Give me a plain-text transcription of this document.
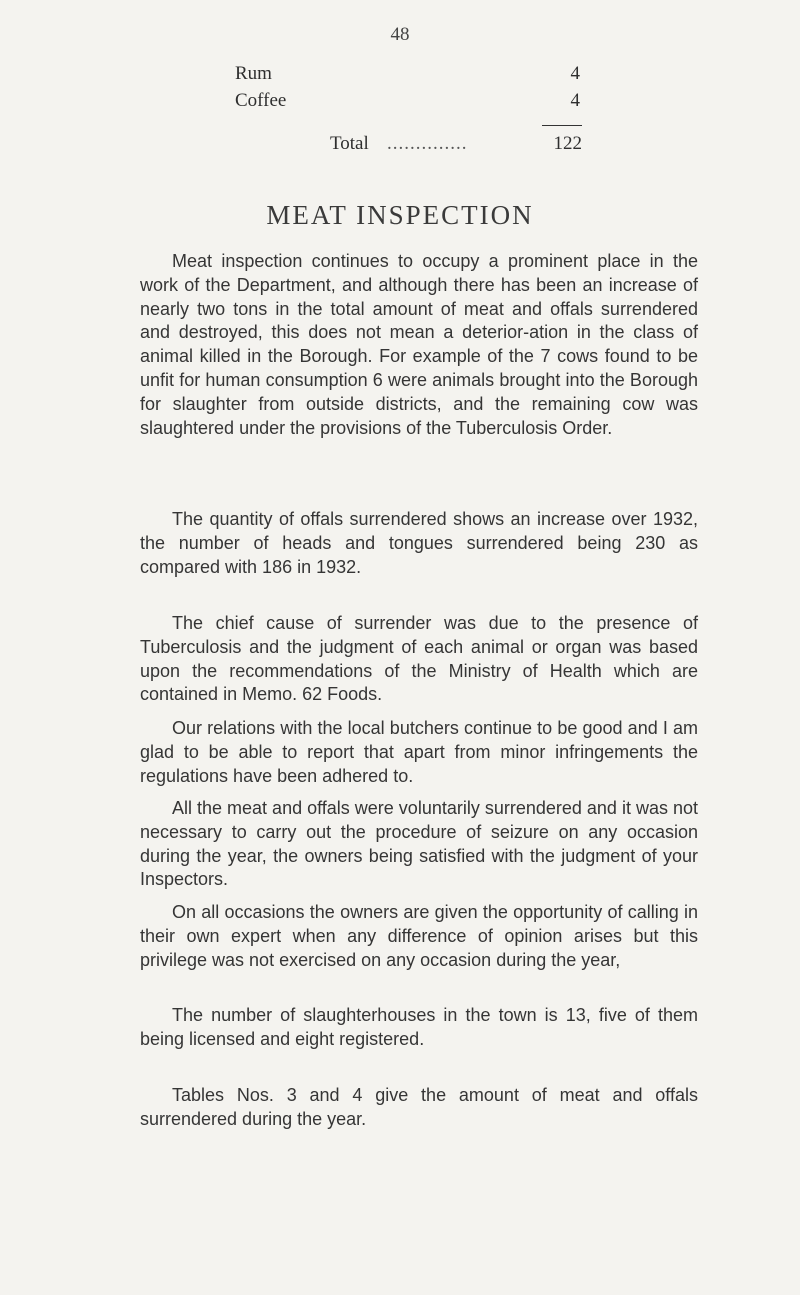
48
Rum	4
Coffee	4
Total ..............	122
MEAT INSPECTION

Meat inspection continues to occupy a prominent place in the work of the Department, and although there has been an increase of nearly two tons in the total amount of meat and offals surrendered and destroyed, this does not mean a deterior-ation in the class of animal killed in the Borough. For example of the 7 cows found to be unfit for human consumption 6 were animals brought into the Borough for slaughter from outside districts, and the remaining cow was slaughtered under the provisions of the Tuberculosis Order.

The quantity of offals surrendered shows an increase over 1932, the number of heads and tongues surrendered being 230 as compared with 186 in 1932.

The chief cause of surrender was due to the presence of Tuberculosis and the judgment of each animal or organ was based upon the recommendations of the Ministry of Health which are contained in Memo. 62 Foods.

Our relations with the local butchers continue to be good and I am glad to be able to report that apart from minor infringements the regulations have been adhered to.

All the meat and offals were voluntarily surrendered and it was not necessary to carry out the procedure of seizure on any occasion during the year, the owners being satisfied with the judgment of your Inspectors.

On all occasions the owners are given the opportunity of calling in their own expert when any difference of opinion arises but this privilege was not exercised on any occasion during the year,

The number of slaughterhouses in the town is 13, five of them being licensed and eight registered.

Tables Nos. 3 and 4 give the amount of meat and offals surrendered during the year.
